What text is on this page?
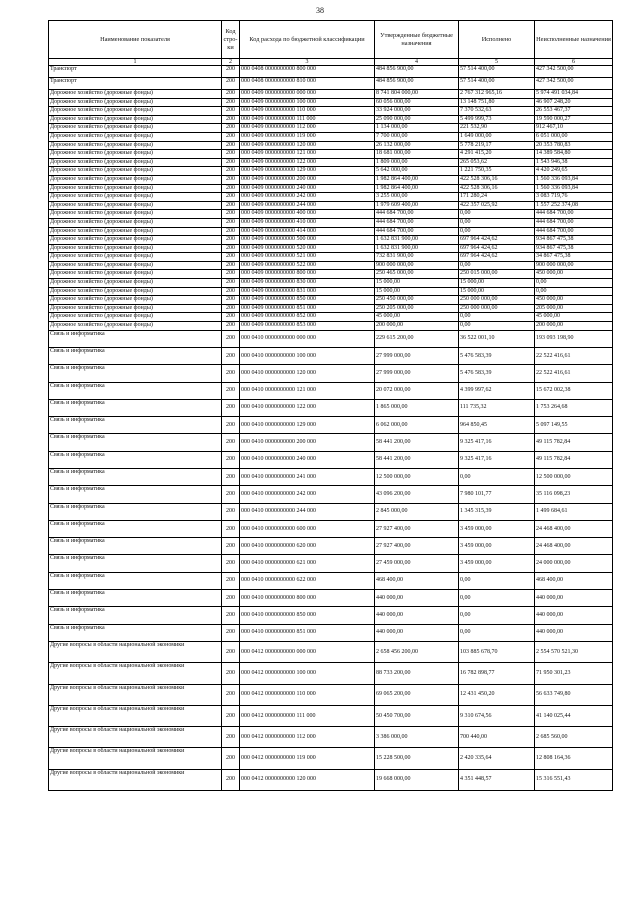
38
Наименование показателя	Код стро- ки	Код расхода по бюджетной классификации	Утвержденные бюджетные назначения	Исполнено	Неисполненные назначения
1	2	3	4	5	6
Транспорт	200	000 0408 0000000000 800 000	484 856 900,00	57 514 400,00	427 342 500,00
Транспорт	200	000 0408 0000000000 810 000	484 856 900,00	57 514 400,00	427 342 500,00
Дорожное хозяйство (дорожные фонды)	200	000 0409 0000000000 000 000	8 741 804 000,00	2 767 312 965,16	5 974 491 034,84
Дорожное хозяйство (дорожные фонды)	200	000 0409 0000000000 100 000	60 056 000,00	13 148 751,80	46 907 248,20
Дорожное хозяйство (дорожные фонды)	200	000 0409 0000000000 110 000	33 924 000,00	7 370 532,63	26 553 467,37
Дорожное хозяйство (дорожные фонды)	200	000 0409 0000000000 111 000	25 090 000,00	5 499 999,73	19 590 000,27
Дорожное хозяйство (дорожные фонды)	200	000 0409 0000000000 112 000	1 134 000,00	221 532,90	912 467,10
Дорожное хозяйство (дорожные фонды)	200	000 0409 0000000000 119 000	7 700 000,00	1 649 000,00	6 051 000,00
Дорожное хозяйство (дорожные фонды)	200	000 0409 0000000000 120 000	26 132 000,00	5 778 219,17	20 353 780,83
Дорожное хозяйство (дорожные фонды)	200	000 0409 0000000000 121 000	18 681 000,00	4 291 415,20	14 389 584,80
Дорожное хозяйство (дорожные фонды)	200	000 0409 0000000000 122 000	1 809 000,00	265 053,62	1 543 946,38
Дорожное хозяйство (дорожные фонды)	200	000 0409 0000000000 129 000	5 642 000,00	1 221 750,35	4 420 249,65
Дорожное хозяйство (дорожные фонды)	200	000 0409 0000000000 200 000	1 982 864 400,00	422 528 306,16	1 560 336 093,84
Дорожное хозяйство (дорожные фонды)	200	000 0409 0000000000 240 000	1 982 864 400,00	422 528 306,16	1 560 336 093,84
Дорожное хозяйство (дорожные фонды)	200	000 0409 0000000000 242 000	3 255 000,00	171 280,24	3 083 719,76
Дорожное хозяйство (дорожные фонды)	200	000 0409 0000000000 244 000	1 979 609 400,00	422 357 025,92	1 557 252 374,08
Дорожное хозяйство (дорожные фонды)	200	000 0409 0000000000 400 000	444 684 700,00	0,00	444 684 700,00
Дорожное хозяйство (дорожные фонды)	200	000 0409 0000000000 410 000	444 684 700,00	0,00	444 684 700,00
Дорожное хозяйство (дорожные фонды)	200	000 0409 0000000000 414 000	444 684 700,00	0,00	444 684 700,00
Дорожное хозяйство (дорожные фонды)	200	000 0409 0000000000 500 000	1 632 831 900,00	697 964 424,62	934 867 475,38
Дорожное хозяйство (дорожные фонды)	200	000 0409 0000000000 520 000	1 632 831 900,00	697 964 424,62	934 867 475,38
Дорожное хозяйство (дорожные фонды)	200	000 0409 0000000000 521 000	732 831 900,00	697 964 424,62	34 867 475,38
Дорожное хозяйство (дорожные фонды)	200	000 0409 0000000000 522 000	900 000 000,00	0,00	900 000 000,00
Дорожное хозяйство (дорожные фонды)	200	000 0409 0000000000 800 000	250 465 000,00	250 015 000,00	450 000,00
Дорожное хозяйство (дорожные фонды)	200	000 0409 0000000000 830 000	15 000,00	15 000,00	0,00
Дорожное хозяйство (дорожные фонды)	200	000 0409 0000000000 831 000	15 000,00	15 000,00	0,00
Дорожное хозяйство (дорожные фонды)	200	000 0409 0000000000 850 000	250 450 000,00	250 000 000,00	450 000,00
Дорожное хозяйство (дорожные фонды)	200	000 0409 0000000000 851 000	250 205 000,00	250 000 000,00	205 000,00
Дорожное хозяйство (дорожные фонды)	200	000 0409 0000000000 852 000	45 000,00	0,00	45 000,00
Дорожное хозяйство (дорожные фонды)	200	000 0409 0000000000 853 000	200 000,00	0,00	200 000,00
Связь и информатика	200	000 0410 0000000000 000 000	229 615 200,00	36 522 001,10	193 093 198,90
Связь и информатика	200	000 0410 0000000000 100 000	27 999 000,00	5 476 583,39	22 522 416,61
Связь и информатика	200	000 0410 0000000000 120 000	27 999 000,00	5 476 583,39	22 522 416,61
Связь и информатика	200	000 0410 0000000000 121 000	20 072 000,00	4 399 997,62	15 672 002,38
Связь и информатика	200	000 0410 0000000000 122 000	1 865 000,00	111 735,32	1 753 264,68
Связь и информатика	200	000 0410 0000000000 129 000	6 062 000,00	964 850,45	5 097 149,55
Связь и информатика	200	000 0410 0000000000 200 000	58 441 200,00	9 325 417,16	49 115 782,84
Связь и информатика	200	000 0410 0000000000 240 000	58 441 200,00	9 325 417,16	49 115 782,84
Связь и информатика	200	000 0410 0000000000 241 000	12 500 000,00	0,00	12 500 000,00
Связь и информатика	200	000 0410 0000000000 242 000	43 096 200,00	7 980 101,77	35 116 098,23
Связь и информатика	200	000 0410 0000000000 244 000	2 845 000,00	1 345 315,39	1 499 684,61
Связь и информатика	200	000 0410 0000000000 600 000	27 927 400,00	3 459 000,00	24 468 400,00
Связь и информатика	200	000 0410 0000000000 620 000	27 927 400,00	3 459 000,00	24 468 400,00
Связь и информатика	200	000 0410 0000000000 621 000	27 459 000,00	3 459 000,00	24 000 000,00
Связь и информатика	200	000 0410 0000000000 622 000	468 400,00	0,00	468 400,00
Связь и информатика	200	000 0410 0000000000 800 000	440 000,00	0,00	440 000,00
Связь и информатика	200	000 0410 0000000000 850 000	440 000,00	0,00	440 000,00
Связь и информатика	200	000 0410 0000000000 851 000	440 000,00	0,00	440 000,00
Другие вопросы в области национальной экономики	200	000 0412 0000000000 000 000	2 658 456 200,00	103 885 678,70	2 554 570 521,30
Другие вопросы в области национальной экономики	200	000 0412 0000000000 100 000	88 733 200,00	16 782 898,77	71 950 301,23
Другие вопросы в области национальной экономики	200	000 0412 0000000000 110 000	69 065 200,00	12 431 450,20	56 633 749,80
Другие вопросы в области национальной экономики	200	000 0412 0000000000 111 000	50 450 700,00	9 310 674,56	41 140 025,44
Другие вопросы в области национальной экономики	200	000 0412 0000000000 112 000	3 386 000,00	700 440,00	2 685 560,00
Другие вопросы в области национальной экономики	200	000 0412 0000000000 119 000	15 228 500,00	2 420 335,64	12 808 164,36
Другие вопросы в области национальной экономики	200	000 0412 0000000000 120 000	19 668 000,00	4 351 448,57	15 316 551,43
